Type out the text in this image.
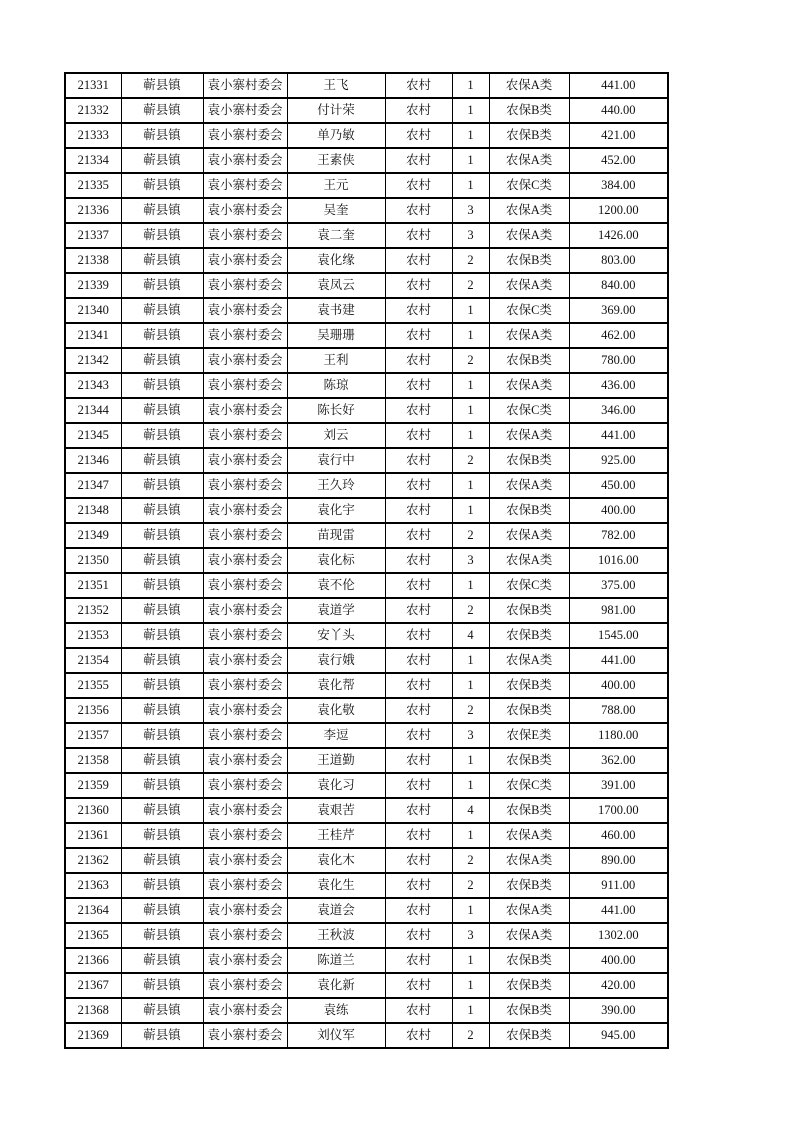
21331	蕲县镇	袁小寨村委会	王飞	农村	1	农保A类	441.00
21332	蕲县镇	袁小寨村委会	付计荣	农村	1	农保B类	440.00
21333	蕲县镇	袁小寨村委会	单乃敏	农村	1	农保B类	421.00
21334	蕲县镇	袁小寨村委会	王素侠	农村	1	农保A类	452.00
21335	蕲县镇	袁小寨村委会	王元	农村	1	农保C类	384.00
21336	蕲县镇	袁小寨村委会	吴奎	农村	3	农保A类	1200.00
21337	蕲县镇	袁小寨村委会	袁二奎	农村	3	农保A类	1426.00
21338	蕲县镇	袁小寨村委会	袁化缘	农村	2	农保B类	803.00
21339	蕲县镇	袁小寨村委会	袁凤云	农村	2	农保A类	840.00
21340	蕲县镇	袁小寨村委会	袁书建	农村	1	农保C类	369.00
21341	蕲县镇	袁小寨村委会	吴珊珊	农村	1	农保A类	462.00
21342	蕲县镇	袁小寨村委会	王利	农村	2	农保B类	780.00
21343	蕲县镇	袁小寨村委会	陈琼	农村	1	农保A类	436.00
21344	蕲县镇	袁小寨村委会	陈长好	农村	1	农保C类	346.00
21345	蕲县镇	袁小寨村委会	刘云	农村	1	农保A类	441.00
21346	蕲县镇	袁小寨村委会	袁行中	农村	2	农保B类	925.00
21347	蕲县镇	袁小寨村委会	王久玲	农村	1	农保A类	450.00
21348	蕲县镇	袁小寨村委会	袁化宇	农村	1	农保B类	400.00
21349	蕲县镇	袁小寨村委会	苗现雷	农村	2	农保A类	782.00
21350	蕲县镇	袁小寨村委会	袁化标	农村	3	农保A类	1016.00
21351	蕲县镇	袁小寨村委会	袁不伦	农村	1	农保C类	375.00
21352	蕲县镇	袁小寨村委会	袁道学	农村	2	农保B类	981.00
21353	蕲县镇	袁小寨村委会	安丫头	农村	4	农保B类	1545.00
21354	蕲县镇	袁小寨村委会	袁行娥	农村	1	农保A类	441.00
21355	蕲县镇	袁小寨村委会	袁化帮	农村	1	农保B类	400.00
21356	蕲县镇	袁小寨村委会	袁化敬	农村	2	农保B类	788.00
21357	蕲县镇	袁小寨村委会	李逗	农村	3	农保E类	1180.00
21358	蕲县镇	袁小寨村委会	王道勤	农村	1	农保B类	362.00
21359	蕲县镇	袁小寨村委会	袁化习	农村	1	农保C类	391.00
21360	蕲县镇	袁小寨村委会	袁艰苦	农村	4	农保B类	1700.00
21361	蕲县镇	袁小寨村委会	王桂芹	农村	1	农保A类	460.00
21362	蕲县镇	袁小寨村委会	袁化木	农村	2	农保A类	890.00
21363	蕲县镇	袁小寨村委会	袁化生	农村	2	农保B类	911.00
21364	蕲县镇	袁小寨村委会	袁道会	农村	1	农保A类	441.00
21365	蕲县镇	袁小寨村委会	王秋波	农村	3	农保A类	1302.00
21366	蕲县镇	袁小寨村委会	陈道兰	农村	1	农保B类	400.00
21367	蕲县镇	袁小寨村委会	袁化新	农村	1	农保B类	420.00
21368	蕲县镇	袁小寨村委会	袁练	农村	1	农保B类	390.00
21369	蕲县镇	袁小寨村委会	刘仪军	农村	2	农保B类	945.00
